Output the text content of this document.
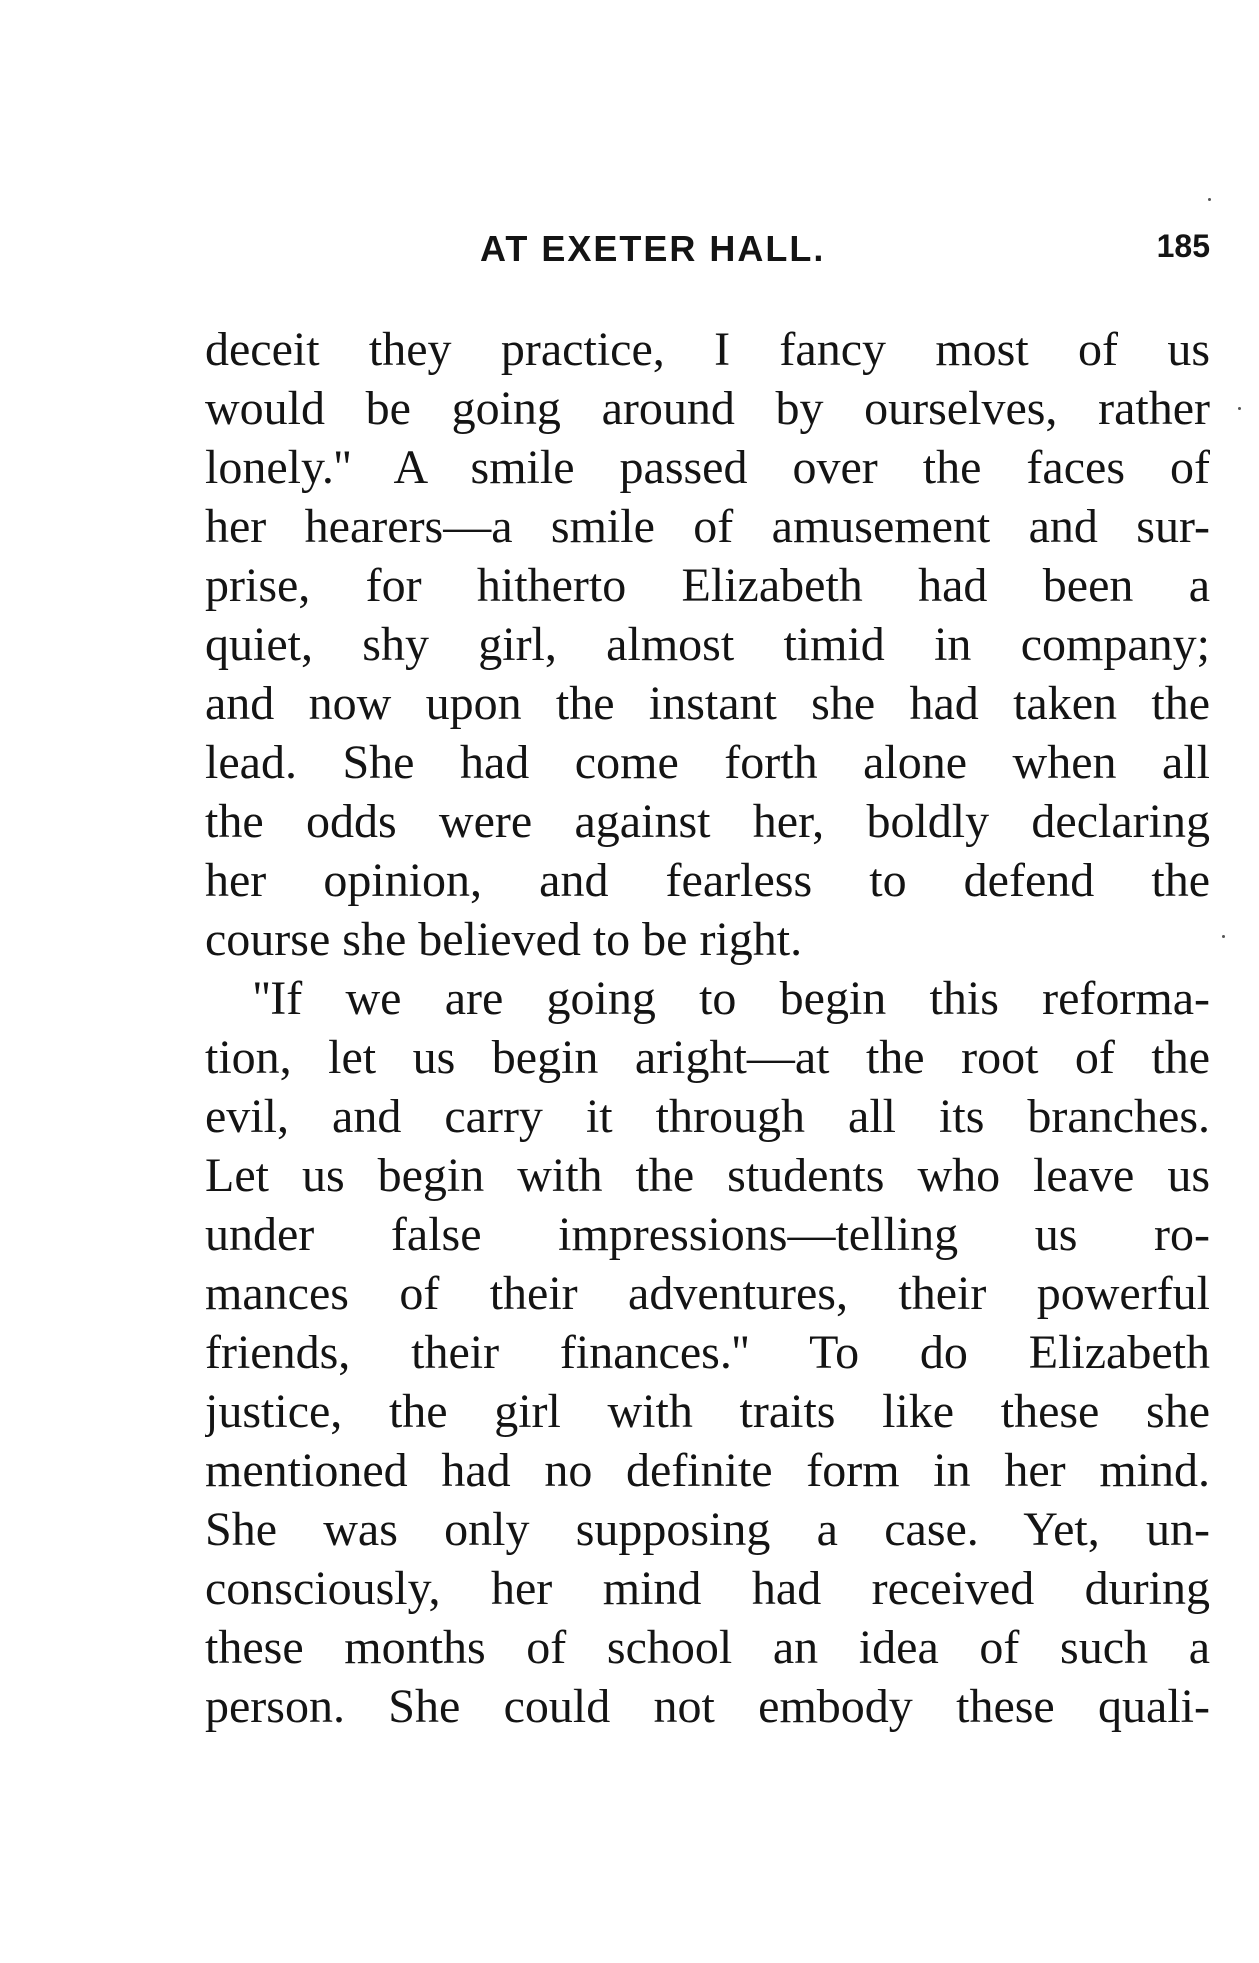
AT EXETER HALL.	185
deceit they practice, I fancy most of us
would be going around by ourselves, rather
lonely.'' A smile passed over the faces of
her hearers—a smile of amusement and sur-
prise, for hitherto Elizabeth had been a
quiet, shy girl, almost timid in company;
and now upon the instant she had taken the
lead. She had come forth alone when all
the odds were against her, boldly declaring
her opinion, and fearless to defend the
course she believed to be right.
''If we are going to begin this reforma-
tion, let us begin aright—at the root of the
evil, and carry it through all its branches.
Let us begin with the students who leave us
under false impressions—telling us ro-
mances of their adventures, their powerful
friends, their finances.'' To do Elizabeth
justice, the girl with traits like these she
mentioned had no definite form in her mind.
She was only supposing a case. Yet, un-
consciously, her mind had received during
these months of school an idea of such a
person. She could not embody these quali-
